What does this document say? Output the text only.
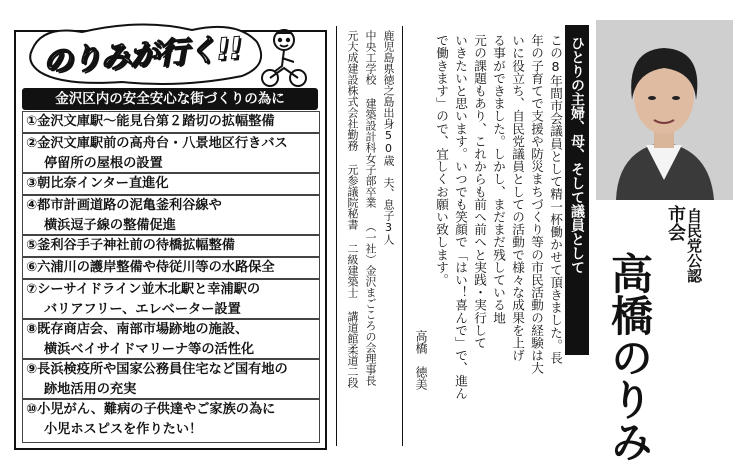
のりみが行く!!
金沢区内の安全安心な街づくりの為に
①金沢文庫駅～能見台第２踏切の拡幅整備
②金沢文庫駅前の高舟台・八景地区行きバス
停留所の屋根の設置
③朝比奈インター直進化
④都市計画道路の泥亀釜利谷線や
横浜逗子線の整備促進
⑤釜利谷手子神社前の待橋拡幅整備
⑥六浦川の護岸整備や侍従川等の水路保全
⑦シーサイドライン並木北駅と幸浦駅の
バリアフリー、エレベーター設置
⑧既存商店会、南部市場跡地の施設、
横浜ベイサイドマリーナ等の活性化
⑨長浜検疫所や国家公務員住宅など国有地の
跡地活用の充実
⑩小児がん、難病の子供達やご家族の為に
小児ホスピスを作りたい！
元大成建設株式会社勤務 元参議院秘書 二級建築士 講道館柔道二段 中央工学校 建築設計科女子部卒業 （一社）金沢まごころの会理事長 鹿児島県徳之島出身50歳　夫、息子3人
高橋　徳美
で働きます」ので、宜しくお願い致します。 いきたいと思います。いつでも笑顔で「はい！喜んで」で、進ん 元の課題もあり、これからも前へ前へと実践・実行して る事ができました。しかし、まだまだ残している地 いに役立ち、自民党議員としての活動で様々な成果を上げ 年の子育てで支援や防災まちづくり等の市民活動の経験は大 この8年間市会議員として精一杯働かせて頂きました。長 ひとりの主婦、母、そして議員として	自民党公認
市会
高橋のりみ
